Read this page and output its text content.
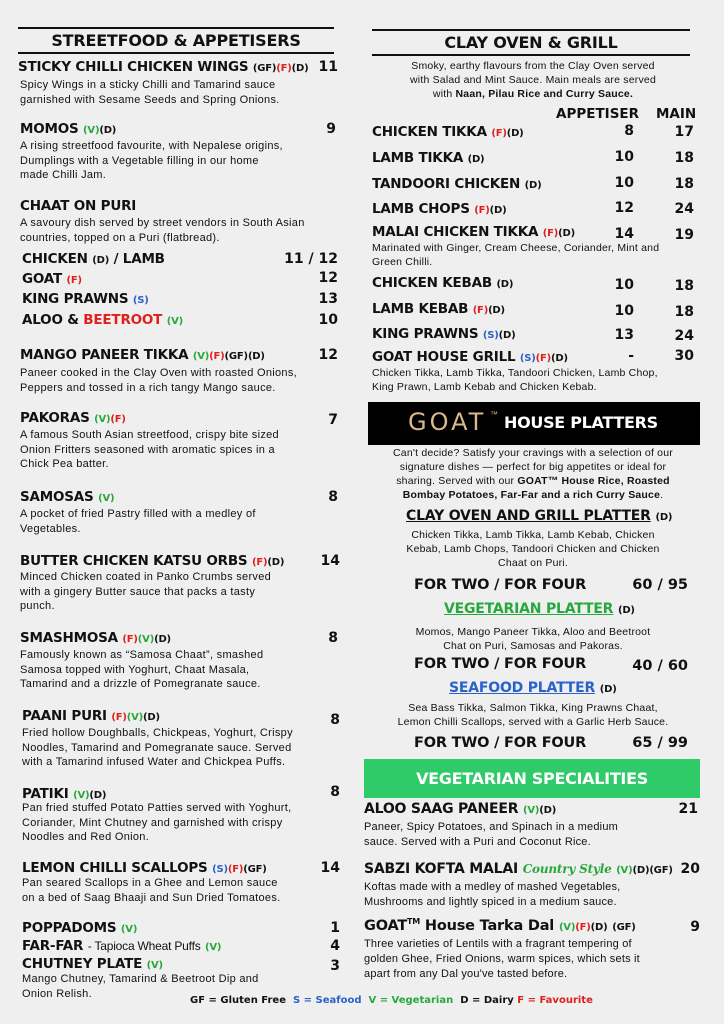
STREETFOOD & APPETISERS
STICKY CHILLI CHICKEN WINGS (GF)(F)(D) 11
Spicy Wings in a sticky Chilli and Tamarind sauce
garnished with Sesame Seeds and Spring Onions.
MOMOS (V)(D)	9
A rising streetfood favourite, with Nepalese origins,
Dumplings with a Vegetable filling in our home
made Chilli Jam.
CHAAT ON PURI
A savoury dish served by street vendors in South Asian
countries, topped on a Puri (flatbread).
CHICKEN (D) / LAMB	11 / 12
GOAT (F)	12
KING PRAWNS (S)	13
ALOO & BEETROOT (V)	10
MANGO PANEER TIKKA (V)(F)(GF)(D)	12
Paneer cooked in the Clay Oven with roasted Onions,
Peppers and tossed in a rich tangy Mango sauce.
PAKORAS (V)(F)	7
A famous South Asian streetfood, crispy bite sized
Onion Fritters seasoned with aromatic spices in a
Chick Pea batter.
SAMOSAS (V)	8
A pocket of fried Pastry filled with a medley of
Vegetables.
BUTTER CHICKEN KATSU ORBS (F)(D)	14
Minced Chicken coated in Panko Crumbs served
with a gingery Butter sauce that packs a tasty
punch.
SMASHMOSA (F)(V)(D)	8
Famously known as “Samosa Chaat”, smashed
Samosa topped with Yoghurt, Chaat Masala,
Tamarind and a drizzle of Pomegranate sauce.
PAANI PURI (F)(V)(D)	8
Fried hollow Doughballs, Chickpeas, Yoghurt, Crispy
Noodles, Tamarind and Pomegranate sauce. Served
with a Tamarind infused Water and Chickpea Puffs.
PATIKI (V)(D)	8
Pan fried stuffed Potato Patties served with Yoghurt,
Coriander, Mint Chutney and garnished with crispy
Noodles and Red Onion.
LEMON CHILLI SCALLOPS (S)(F)(GF)	14
Pan seared Scallops in a Ghee and Lemon sauce
on a bed of Saag Bhaaji and Sun Dried Tomatoes.
POPPADOMS (V)	1
FAR-FAR - Tapioca Wheat Puffs (V)	4
CHUTNEY PLATE (V)	3
Mango Chutney, Tamarind & Beetroot Dip and
Onion Relish.
CLAY OVEN & GRILL
Smoky, earthy flavours from the Clay Oven served
with Salad and Mint Sauce. Main meals are served
with Naan, Pilau Rice and Curry Sauce.
APPETISER MAIN
CHICKEN TIKKA (F)(D)	8	17
LAMB TIKKA (D)	10	18
TANDOORI CHICKEN (D)	10	18
LAMB CHOPS (F)(D)	12	24
MALAI CHICKEN TIKKA (F)(D)	14	19
Marinated with Ginger, Cream Cheese, Coriander, Mint and
Green Chilli.
CHICKEN KEBAB (D)	10	18
LAMB KEBAB (F)(D)	10	18
KING PRAWNS (S)(D)	13	24
GOAT HOUSE GRILL (S)(F)(D)	-	30
Chicken Tikka, Lamb Tikka, Tandoori Chicken, Lamb Chop,
King Prawn, Lamb Kebab and Chicken Kebab.
GOAT ™ HOUSE PLATTERS
Can't decide? Satisfy your cravings with a selection of our
signature dishes — perfect for big appetites or ideal for
sharing. Served with our GOAT™ House Rice, Roasted
Bombay Potatoes, Far-Far and a rich Curry Sauce.
CLAY OVEN AND GRILL PLATTER (D)
Chicken Tikka, Lamb Tikka, Lamb Kebab, Chicken
Kebab, Lamb Chops, Tandoori Chicken and Chicken
Chaat on Puri.
FOR TWO / FOR FOUR	60 / 95
VEGETARIAN PLATTER (D)
Momos, Mango Paneer Tikka, Aloo and Beetroot
Chat on Puri, Samosas and Pakoras.
FOR TWO / FOR FOUR	40 / 60
SEAFOOD PLATTER (D)
Sea Bass Tikka, Salmon Tikka, King Prawns Chaat,
Lemon Chilli Scallops, served with a Garlic Herb Sauce.
FOR TWO / FOR FOUR	65 / 99
VEGETARIAN SPECIALITIES
ALOO SAAG PANEER (V)(D)	21
Paneer, Spicy Potatoes, and Spinach in a medium
sauce. Served with a Puri and Coconut Rice.
SABZI KOFTA MALAI Country Style (V)(D)(GF) 20
Koftas made with a medley of mashed Vegetables,
Mushrooms and lightly spiced in a medium sauce.
GOAT™ House Tarka Dal (V)(F)(D) (GF)	9
Three varieties of Lentils with a fragrant tempering of
golden Ghee, Fried Onions, warm spices, which sets it
apart from any Dal you've tasted before.
GF = Gluten Free S = Seafood V = Vegetarian D = Dairy F = Favourite
